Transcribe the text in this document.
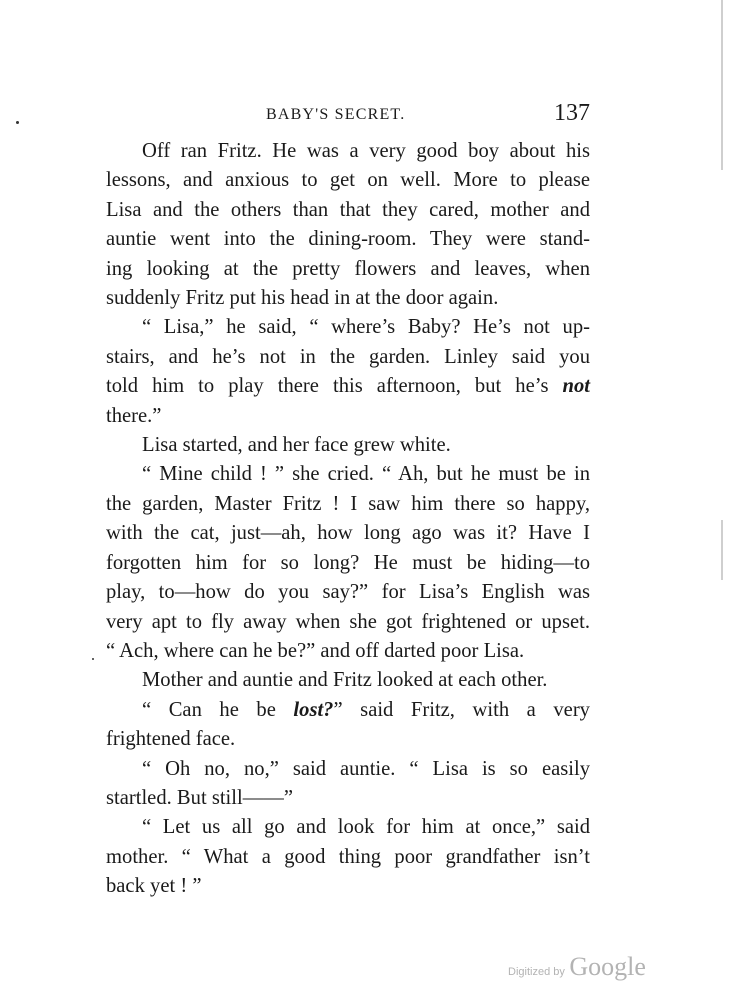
BABY'S SECRET.	137
Off ran Fritz. He was a very good boy about his
lessons, and anxious to get on well. More to please
Lisa and the others than that they cared, mother and
auntie went into the dining-room. They were stand-
ing looking at the pretty flowers and leaves, when
suddenly Fritz put his head in at the door again.
“ Lisa,” he said, “ where’s Baby? He’s not up-
stairs, and he’s not in the garden. Linley said you
told him to play there this afternoon, but he’s not
there.”
Lisa started, and her face grew white.
“ Mine child ! ” she cried. “ Ah, but he must be in
the garden, Master Fritz ! I saw him there so happy,
with the cat, just—ah, how long ago was it? Have I
forgotten him for so long? He must be hiding—to
play, to—how do you say?” for Lisa’s English was
very apt to fly away when she got frightened or upset.
“ Ach, where can he be?” and off darted poor Lisa.
Mother and auntie and Fritz looked at each other.
“ Can he be lost?” said Fritz, with a very
frightened face.
“ Oh no, no,” said auntie. “ Lisa is so easily
startled. But still——”
“ Let us all go and look for him at once,” said
mother. “ What a good thing poor grandfather isn’t
back yet ! ”
Digitized by Google
